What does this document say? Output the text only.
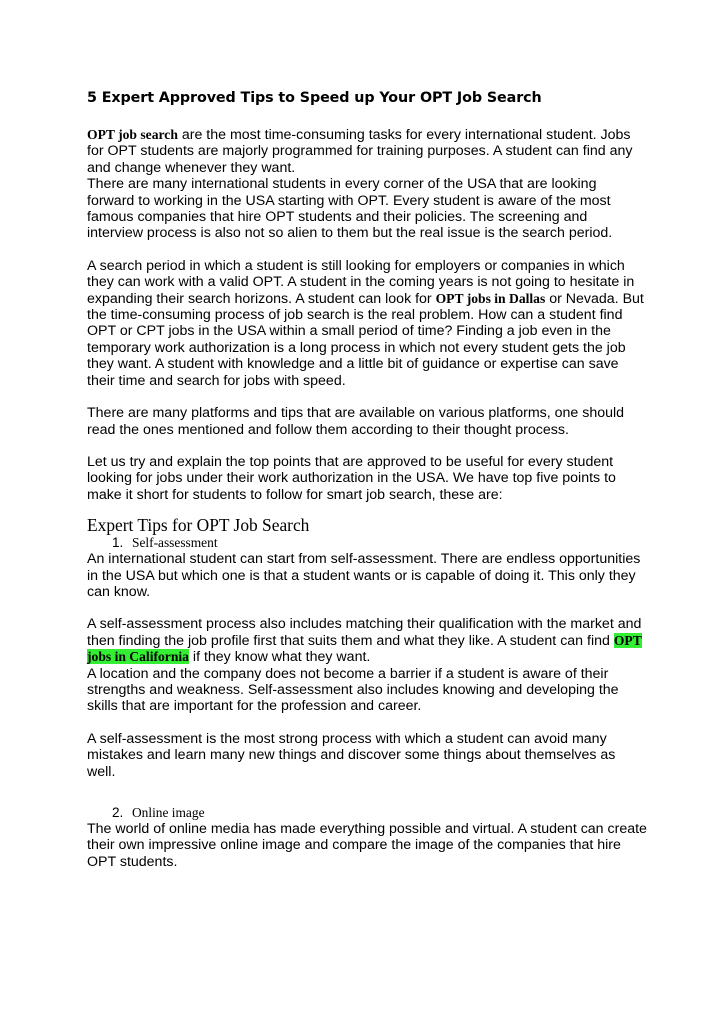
5 Expert Approved Tips to Speed up Your OPT Job Search

OPT job search are the most time-consuming tasks for every international student. Jobs for OPT students are majorly programmed for training purposes. A student can find any and change whenever they want.

There are many international students in every corner of the USA that are looking forward to working in the USA starting with OPT. Every student is aware of the most famous companies that hire OPT students and their policies. The screening and interview process is also not so alien to them but the real issue is the search period.

A search period in which a student is still looking for employers or companies in which they can work with a valid OPT. A student in the coming years is not going to hesitate in expanding their search horizons. A student can look for OPT jobs in Dallas or Nevada. But the time-consuming process of job search is the real problem. How can a student find OPT or CPT jobs in the USA within a small period of time? Finding a job even in the temporary work authorization is a long process in which not every student gets the job they want. A student with knowledge and a little bit of guidance or expertise can save their time and search for jobs with speed.

There are many platforms and tips that are available on various platforms, one should read the ones mentioned and follow them according to their thought process.

Let us try and explain the top points that are approved to be useful for every student looking for jobs under their work authorization in the USA. We have top five points to make it short for students to follow for smart job search, these are:

Expert Tips for OPT Job Search
1. Self-assessment

An international student can start from self-assessment. There are endless opportunities in the USA but which one is that a student wants or is capable of doing it. This only they can know.

A self-assessment process also includes matching their qualification with the market and then finding the job profile first that suits them and what they like. A student can find OPT jobs in California if they know what they want.

A location and the company does not become a barrier if a student is aware of their strengths and weakness. Self-assessment also includes knowing and developing the skills that are important for the profession and career.

A self-assessment is the most strong process with which a student can avoid many mistakes and learn many new things and discover some things about themselves as well.

2. Online image

The world of online media has made everything possible and virtual. A student can create their own impressive online image and compare the image of the companies that hire OPT students.
